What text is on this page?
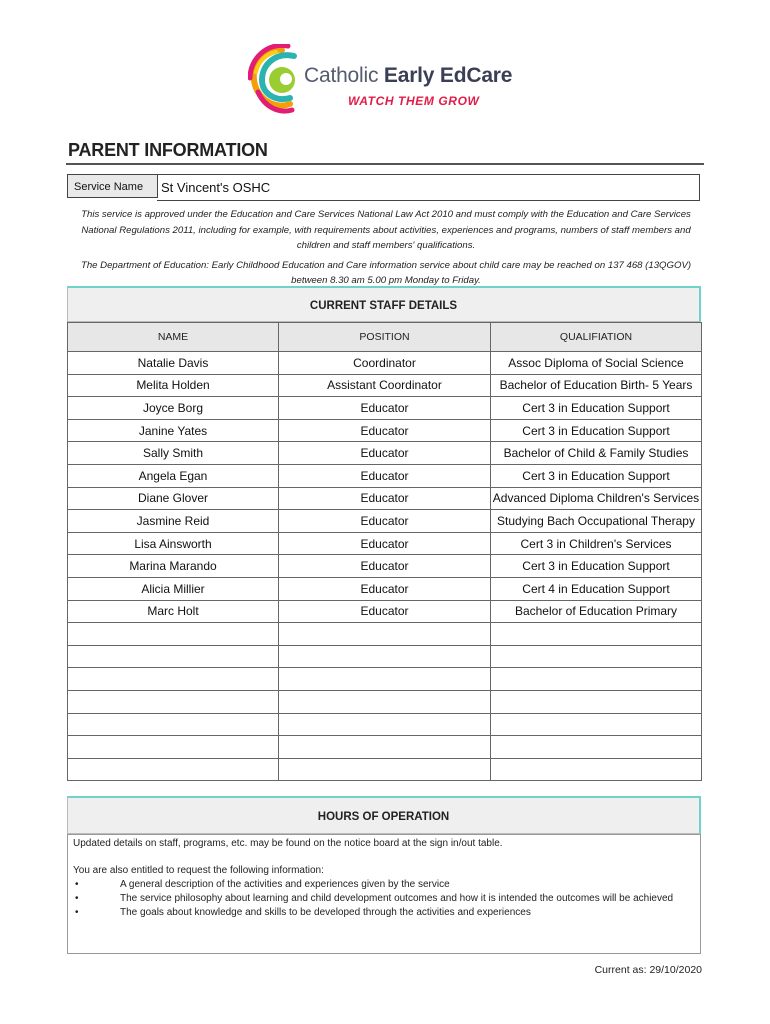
Catholic Early EdCare
WATCH THEM GROW
PARENT INFORMATION
Service Name	St Vincent's OSHC
This service is approved under the Education and Care Services National Law Act 2010 and must comply with the Education and Care Services National Regulations 2011, including for example, with requirements about activities, experiences and programs, numbers of staff members and children and staff members' qualifications.
The Department of Education: Early Childhood Education and Care information service about child care may be reached on 137 468 (13QGOV) between 8.30 am 5.00 pm Monday to Friday.
CURRENT STAFF DETAILS
NAME	POSITION	QUALIFIATION
Natalie Davis	Coordinator	Assoc Diploma of Social Science
Melita Holden	Assistant Coordinator	Bachelor of Education Birth- 5 Years
Joyce Borg	Educator	Cert 3 in Education Support
Janine Yates	Educator	Cert 3 in Education Support
Sally Smith	Educator	Bachelor of Child & Family Studies
Angela Egan	Educator	Cert 3 in Education Support
Diane Glover	Educator	Advanced Diploma Children's Services
Jasmine Reid	Educator	Studying Bach Occupational Therapy
Lisa Ainsworth	Educator	Cert 3 in Children's Services
Marina Marando	Educator	Cert 3 in Education Support
Alicia Millier	Educator	Cert 4 in Education Support
Marc Holt	Educator	Bachelor of Education Primary

HOURS OF OPERATION

Updated details on staff, programs, etc. may be found on the notice board at the sign in/out table.

You are also entitled to request the following information:

•	A general description of the activities and experiences given by the service
•	The service philosophy about learning and child development outcomes and how it is intended the outcomes will be achieved
•	The goals about knowledge and skills to be developed through the activities and experiences
Current as: 29/10/2020
